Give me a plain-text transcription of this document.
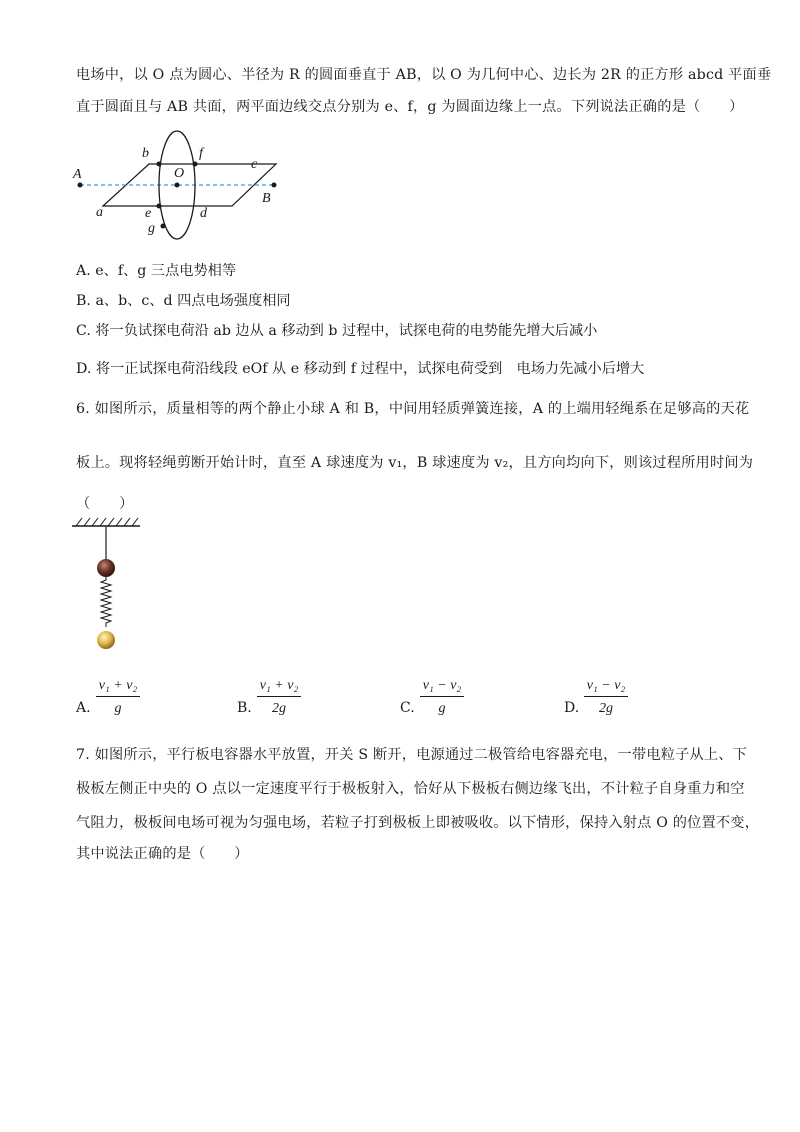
电场中，以 O 点为圆心、半径为 R 的圆面垂直于 AB，以 O 为几何中心、边长为 2R 的正方形 abcd 平面垂
直于圆面且与 AB 共面，两平面边线交点分别为 e、f，g 为圆面边缘上一点。下列说法正确的是（　　）
A
B
O
a
b
c
d
e
f
g
A. e、f、g 三点电势相等
B. a、b、c、d 四点电场强度相同
C. 将一负试探电荷沿 ab 边从 a 移动到 b 过程中，试探电荷的电势能先增大后减小
D. 将一正试探电荷沿线段 eOf 从 e 移动到 f 过程中，试探电荷受到　电场力先减小后增大
6. 如图所示，质量相等的两个静止小球 A 和 B，中间用轻质弹簧连接，A 的上端用轻绳系在足够高的天花
板上。现将轻绳剪断开始计时，直至 A 球速度为 v₁，B 球速度为 v₂，且方向均向下，则该过程所用时间为
（　　）
A. $\frac{\text{v₁ + v₂}}{g}$	B. $\frac{\text{v₁ + v₂}}{2g}$	C. $\frac{\text{v₁ − v₂}}{g}$	D. $\frac{\text{v₁ − v₂}}{2g}$
7. 如图所示，平行板电容器水平放置，开关 S 断开，电源通过二极管给电容器充电，一带电粒子从上、下
极板左侧正中央的 O 点以一定速度平行于极板射入，恰好从下极板右侧边缘飞出，不计粒子自身重力和空
气阻力，极板间电场可视为匀强电场，若粒子打到极板上即被吸收。以下情形，保持入射点 O 的位置不变，
其中说法正确的是（　　）
